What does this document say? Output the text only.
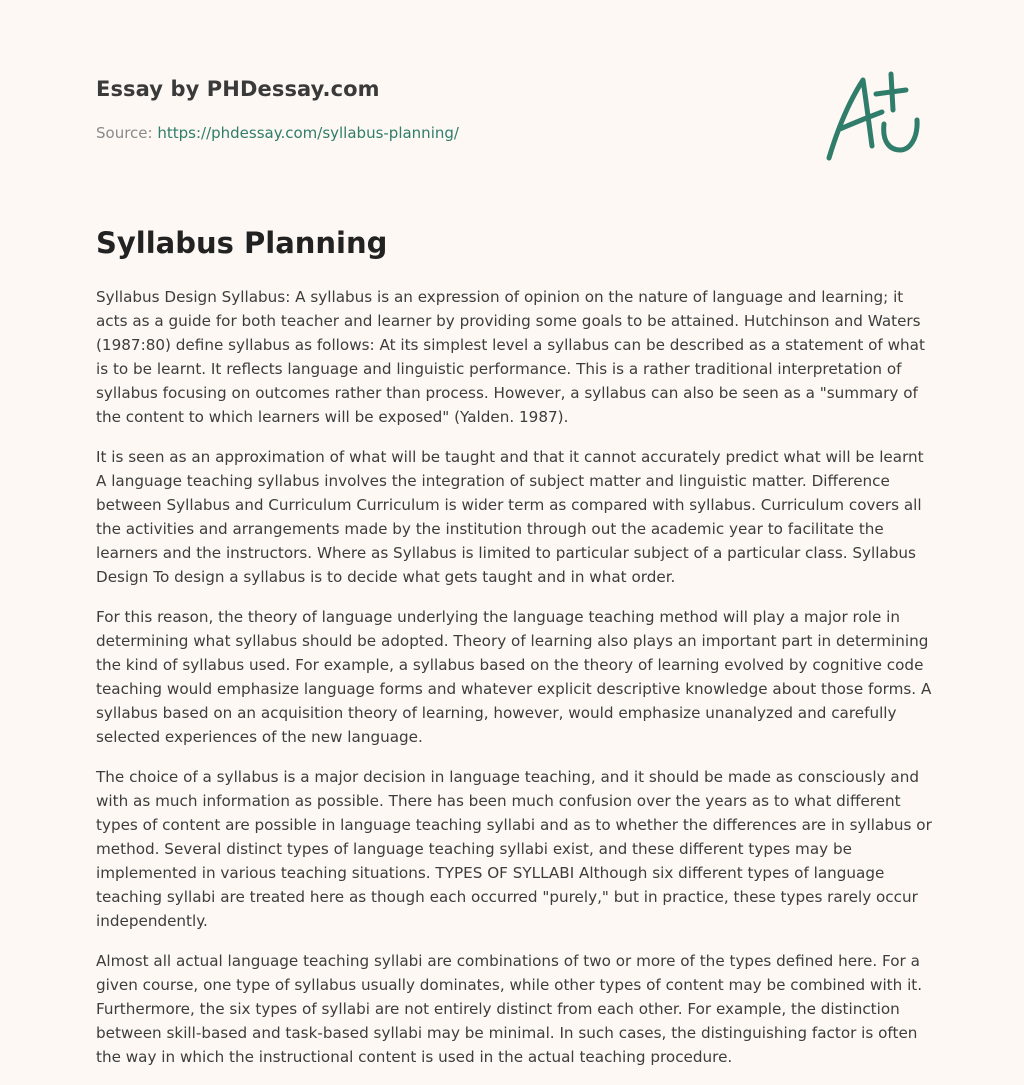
Essay by PHDessay.com
Source: https://phdessay.com/syllabus-planning/
Syllabus Planning

Syllabus Design Syllabus: A syllabus is an expression of opinion on the nature of language and learning; it acts as a guide for both teacher and learner by providing some goals to be attained. Hutchinson and Waters (1987:80) define syllabus as follows: At its simplest level a syllabus can be described as a statement of what is to be learnt. It reflects language and linguistic performance. This is a rather traditional interpretation of syllabus focusing on outcomes rather than process. However, a syllabus can also be seen as a "summary of the content to which learners will be exposed" (Yalden. 1987).

It is seen as an approximation of what will be taught and that it cannot accurately predict what will be learnt A language teaching syllabus involves the integration of subject matter and linguistic matter. Difference between Syllabus and Curriculum Curriculum is wider term as compared with syllabus. Curriculum covers all the activities and arrangements made by the institution through out the academic year to facilitate the learners and the instructors. Where as Syllabus is limited to particular subject of a particular class. Syllabus Design To design a syllabus is to decide what gets taught and in what order.

For this reason, the theory of language underlying the language teaching method will play a major role in determining what syllabus should be adopted. Theory of learning also plays an important part in determining the kind of syllabus used. For example, a syllabus based on the theory of learning evolved by cognitive code teaching would emphasize language forms and whatever explicit descriptive knowledge about those forms. A syllabus based on an acquisition theory of learning, however, would emphasize unanalyzed and carefully selected experiences of the new language.

The choice of a syllabus is a major decision in language teaching, and it should be made as consciously and with as much information as possible. There has been much confusion over the years as to what different types of content are possible in language teaching syllabi and as to whether the differences are in syllabus or method. Several distinct types of language teaching syllabi exist, and these different types may be implemented in various teaching situations. TYPES OF SYLLABI Although six different types of language teaching syllabi are treated here as though each occurred "purely," but in practice, these types rarely occur independently.

Almost all actual language teaching syllabi are combinations of two or more of the types defined here. For a given course, one type of syllabus usually dominates, while other types of content may be combined with it. Furthermore, the six types of syllabi are not entirely distinct from each other. For example, the distinction between skill-based and task-based syllabi may be minimal. In such cases, the distinguishing factor is often the way in which the instructional content is used in the actual teaching procedure.
